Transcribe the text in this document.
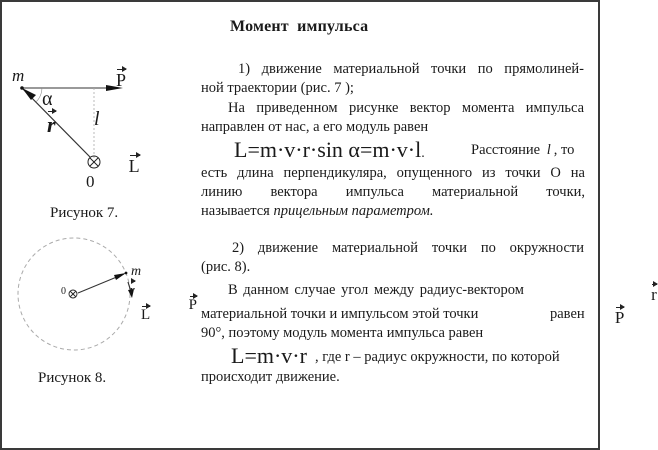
Момент импульса
m	P
α
r l
L
0
Рисунок 7.
0	r
m
P L
Рисунок 8.
1) движение материальной точки по прямолиней-
ной траектории (рис. 7 );
На приведенном рисунке вектор момента импульса
направлен от нас, а его модуль равен
L=m·v·r·sin α=m·v·l.	Расстояние l , то
есть длина перпендикуляра, опущенного из точки О на
линию вектора импульса материальной точки,
называется прицельным параметром.
2) движение материальной точки по окружности
(рис. 8).
В данном случае угол между радиус-вектором	r
материальной точки и импульсом этой точки	P
равен
90°, поэтому модуль момента импульса равен
L=m·v·r , где r – радиус окружности, по которой
происходит движение.
